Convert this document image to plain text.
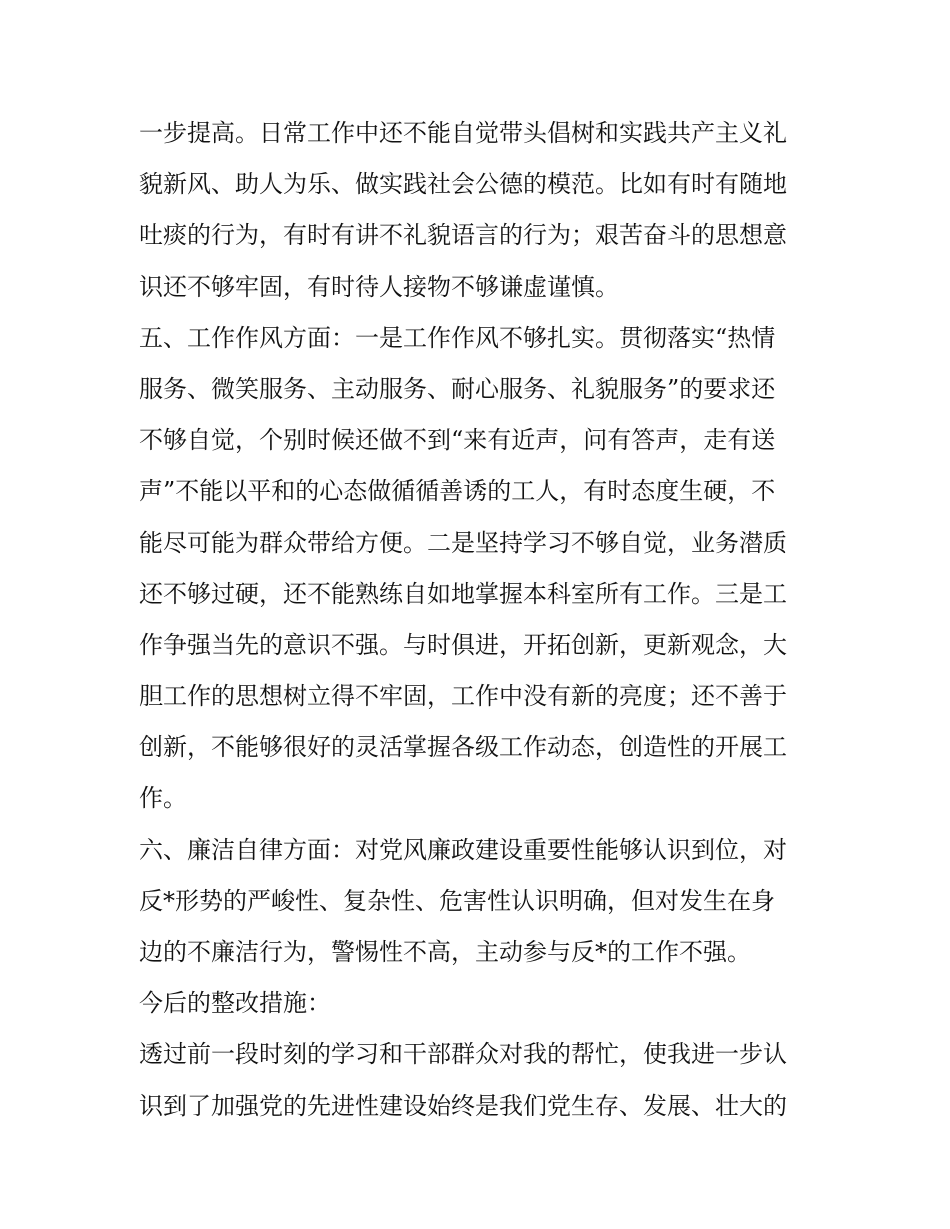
一步提高。日常工作中还不能自觉带头倡树和实践共产主义礼
貌新风、助人为乐、做实践社会公德的模范。比如有时有随地
吐痰的行为，有时有讲不礼貌语言的行为；艰苦奋斗的思想意
识还不够牢固，有时待人接物不够谦虚谨慎。
五、工作作风方面：一是工作作风不够扎实。贯彻落实“热情
服务、微笑服务、主动服务、耐心服务、礼貌服务”的要求还
不够自觉，个别时候还做不到“来有近声，问有答声，走有送
声”不能以平和的心态做循循善诱的工人，有时态度生硬，不
能尽可能为群众带给方便。二是坚持学习不够自觉，业务潜质
还不够过硬，还不能熟练自如地掌握本科室所有工作。三是工
作争强当先的意识不强。与时俱进，开拓创新，更新观念，大
胆工作的思想树立得不牢固，工作中没有新的亮度；还不善于
创新，不能够很好的灵活掌握各级工作动态，创造性的开展工
作。
六、廉洁自律方面：对党风廉政建设重要性能够认识到位，对
反*形势的严峻性、复杂性、危害性认识明确，但对发生在身
边的不廉洁行为，警惕性不高，主动参与反*的工作不强。
今后的整改措施：
透过前一段时刻的学习和干部群众对我的帮忙，使我进一步认
识到了加强党的先进性建设始终是我们党生存、发展、壮大的
